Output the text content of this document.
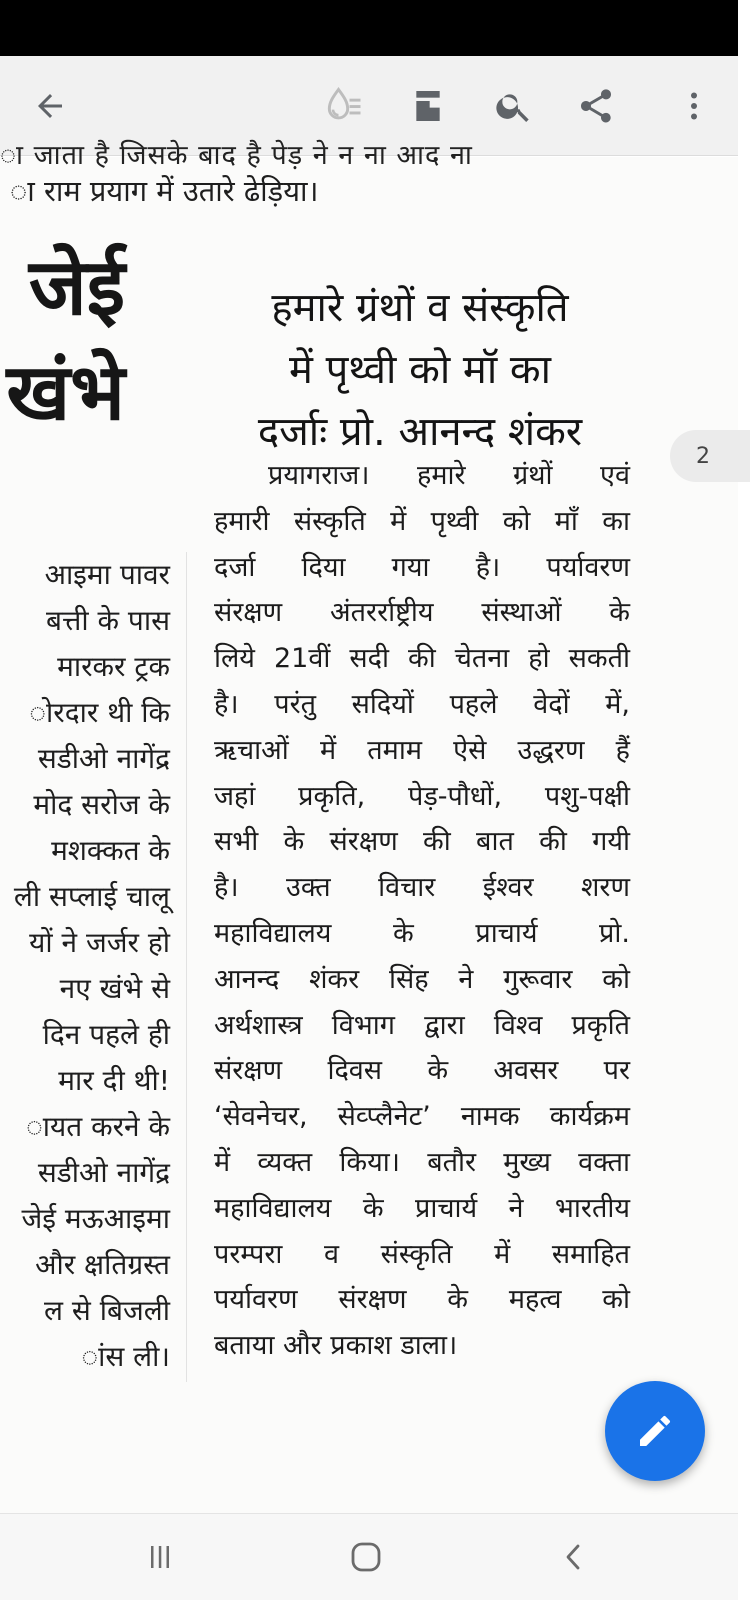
ा जाता है जिसके बाद है पेड़ ने न ना आद ना
ा राम प्रयाग में उतारे ढेड़िया।
जेई
खंभे
आइमा पावर
बत्ती के पास
मारकर ट्रक
ोरदार थी कि
सडीओ नागेंद्र
मोद सरोज के
मशक्कत के
ली सप्लाई चालू
यों ने जर्जर हो
नए खंभे से
दिन पहले ही
मार दी थी!
ायत करने के
सडीओ नागेंद्र
जेई मऊआइमा
और क्षतिग्रस्त
ल से बिजली
ांस ली।
हमारे ग्रंथों व संस्कृति
में पृथ्वी को मॉ का
दर्जाः प्रो. आनन्द शंकर
प्रयागराज। हमारे ग्रंथों एवं
हमारी संस्कृति में पृथ्वी को माँ का
दर्जा दिया गया है। पर्यावरण
संरक्षण अंतरर्राष्ट्रीय संस्थाओं के
लिये 21वीं सदी की चेतना हो सकती
है। परंतु सदियों पहले वेदों में,
ऋचाओं में तमाम ऐसे उद्धरण हैं
जहां प्रकृति, पेड़-पौधों, पशु-पक्षी
सभी के संरक्षण की बात की गयी
है। उक्त विचार ईश्वर शरण
महाविद्यालय के प्राचार्य प्रो.
आनन्द शंकर सिंह ने गुरूवार को
अर्थशास्त्र विभाग द्वारा विश्व प्रकृति
संरक्षण दिवस के अवसर पर
‘सेवनेचर, सेव्प्लैनेट’ नामक कार्यक्रम
में व्यक्त किया। बतौर मुख्य वक्ता
महाविद्यालय के प्राचार्य ने भारतीय
परम्परा व संस्कृति में समाहित
पर्यावरण संरक्षण के महत्व को
बताया और प्रकाश डाला।
2
